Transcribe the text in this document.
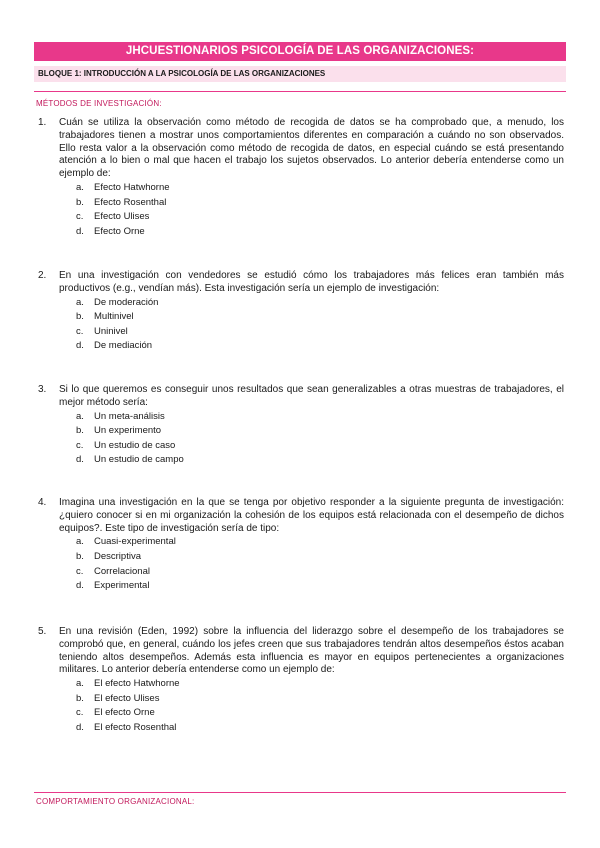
JHCUESTIONARIOS PSICOLOGÍA DE LAS ORGANIZACIONES:
BLOQUE 1: INTRODUCCIÓN A LA PSICOLOGÍA DE LAS ORGANIZACIONES
MÉTODOS DE INVESTIGACIÓN:
1.	Cuán se utiliza la observación como método de recogida de datos se ha comprobado que, a menudo, los trabajadores tienen a mostrar unos comportamientos diferentes en comparación a cuándo no son observados. Ello resta valor a la observación como método de recogida de datos, en especial cuándo se está presentando atención a lo bien o mal que hacen el trabajo los sujetos observados. Lo anterior debería entenderse como un ejemplo de:
a.	Efecto Hatwhorne
b.	Efecto Rosenthal
c.	Efecto Ulises
d.	Efecto Orne
2.	En una investigación con vendedores se estudió cómo los trabajadores más felices eran también más productivos (e.g., vendían más). Esta investigación sería un ejemplo de investigación:
a.	De moderación
b.	Multinivel
c.	Uninivel
d.	De mediación
3.	Si lo que queremos es conseguir unos resultados que sean generalizables a otras muestras de trabajadores, el mejor método sería:
a.	Un meta-análisis
b.	Un experimento
c.	Un estudio de caso
d.	Un estudio de campo
4.	Imagina una investigación en la que se tenga por objetivo responder a la siguiente pregunta de investigación: ¿quiero conocer si en mi organización la cohesión de los equipos está relacionada con el desempeño de dichos equipos?. Este tipo de investigación sería de tipo:
a.	Cuasi-experimental
b.	Descriptiva
c.	Correlacional
d.	Experimental
5.	En una revisión (Eden, 1992) sobre la influencia del liderazgo sobre el desempeño de los trabajadores se comprobó que, en general, cuándo los jefes creen que sus trabajadores tendrán altos desempeños éstos acaban teniendo altos desempeños. Además esta influencia es mayor en equipos pertenecientes a organizaciones militares. Lo anterior debería entenderse como un ejemplo de:
a.	El efecto Hatwhorne
b.	El efecto Ulises
c.	El efecto Orne
d.	El efecto Rosenthal
COMPORTAMIENTO ORGANIZACIONAL:
